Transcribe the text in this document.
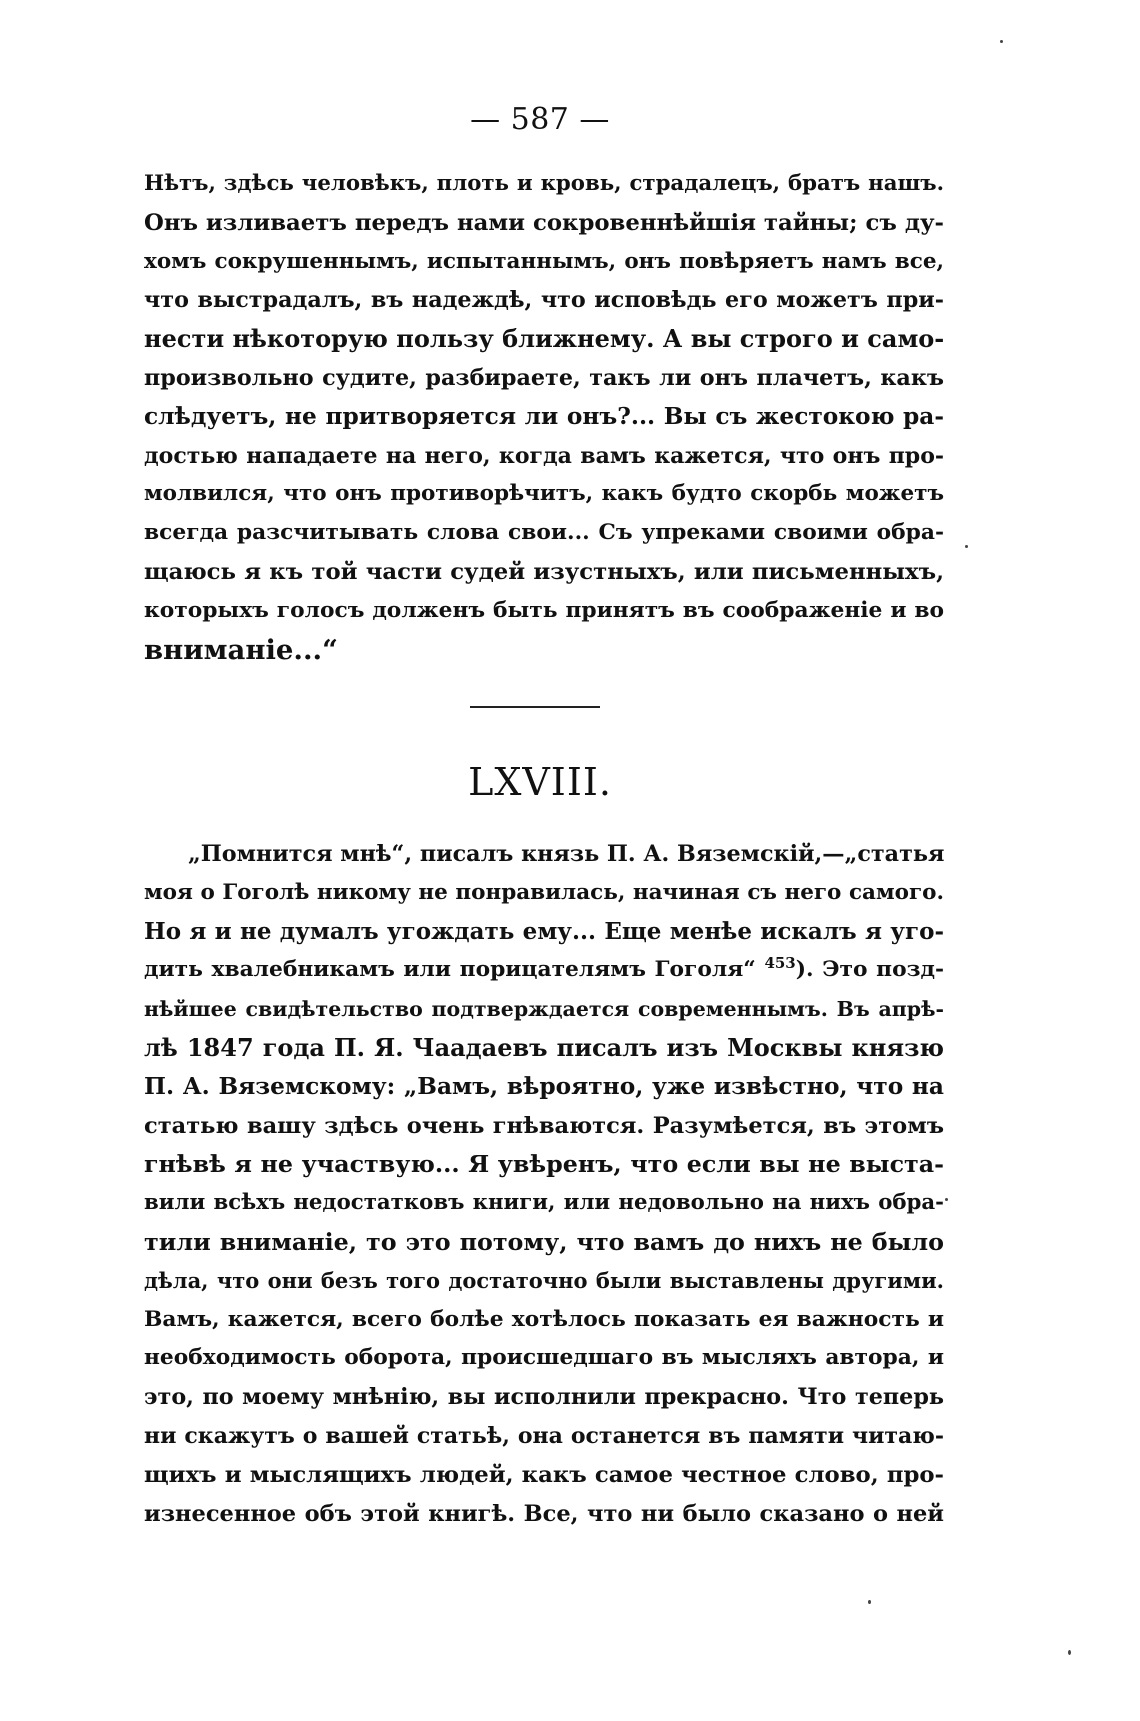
— 587 —
Нѣтъ, здѣсь человѣкъ, плоть и кровь, страдалецъ, братъ нашъ.
Онъ изливаетъ передъ нами сокровеннѣйшія тайны; съ ду-
хомъ сокрушеннымъ, испытаннымъ, онъ повѣряетъ намъ все,
что выстрадалъ, въ надеждѣ, что исповѣдь его можетъ при-
нести нѣкоторую пользу ближнему. А вы строго и само-
произвольно судите, разбираете, такъ ли онъ плачетъ, какъ
слѣдуетъ, не притворяется ли онъ?... Вы съ жестокою ра-
достью нападаете на него, когда вамъ кажется, что онъ про-
молвился, что онъ противорѣчитъ, какъ будто скорбь можетъ
всегда разсчитывать слова свои... Съ упреками своими обра-
щаюсь я къ той части судей изустныхъ, или письменныхъ,
которыхъ голосъ долженъ быть принятъ въ соображеніе и во
вниманіе...“
LXVIII.
„Помнится мнѣ“, писалъ князь П. А. Вяземскій,—„статья
моя о Гоголѣ никому не понравилась, начиная съ него самого.
Но я и не думалъ угождать ему... Еще менѣе искалъ я уго-
дить хвалебникамъ или порицателямъ Гоголя“ $^{453}$). Это позд-
нѣйшее свидѣтельство подтверждается современнымъ. Въ апрѣ-
лѣ 1847 года П. Я. Чаадаевъ писалъ изъ Москвы князю
П. А. Вяземскому: „Вамъ, вѣроятно, уже извѣстно, что на
статью вашу здѣсь очень гнѣваются. Разумѣется, въ этомъ
гнѣвѣ я не участвую... Я увѣренъ, что если вы не выста-
вили всѣхъ недостатковъ книги, или недовольно на нихъ обра-
тили вниманіе, то это потому, что вамъ до нихъ не было
дѣла, что они безъ того достаточно были выставлены другими.
Вамъ, кажется, всего болѣе хотѣлось показать ея важность и
необходимость оборота, происшедшаго въ мысляхъ автора, и
это, по моему мнѣнію, вы исполнили прекрасно. Что теперь
ни скажутъ о вашей статьѣ, она останется въ памяти читаю-
щихъ и мыслящихъ людей, какъ самое честное слово, про-
изнесенное объ этой книгѣ. Все, что ни было сказано о ней
